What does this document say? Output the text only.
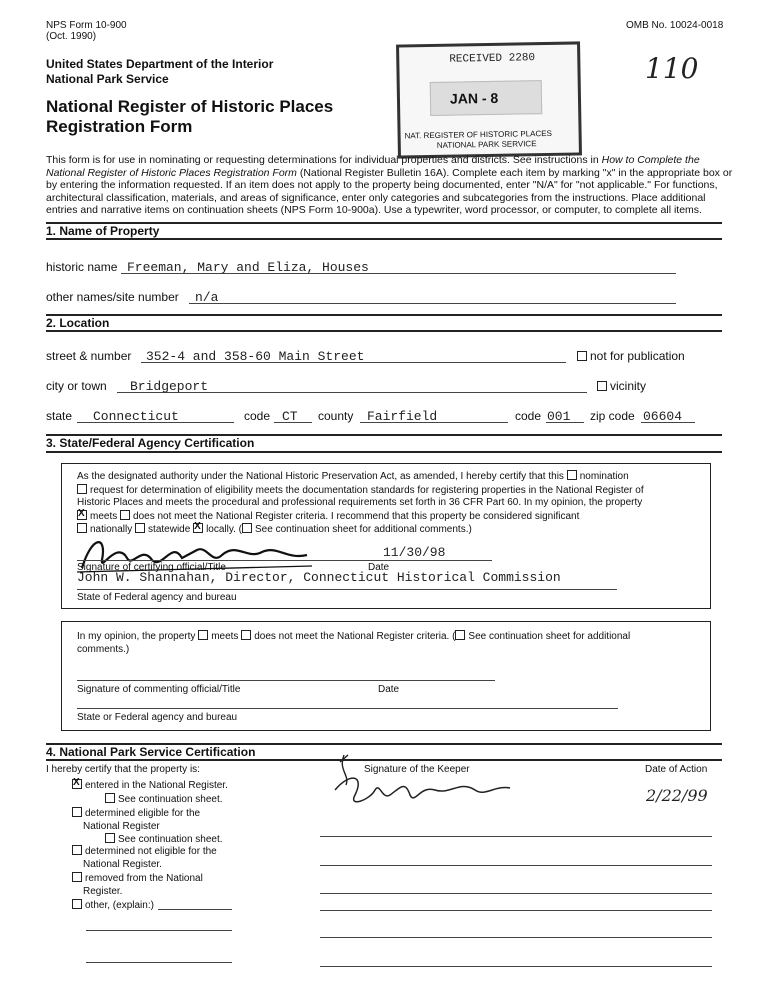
NPS Form 10-900
(Oct. 1990)
OMB No. 10024-0018
United States Department of the Interior
National Park Service
National Register of Historic Places
Registration Form
110
RECEIVED 2280
JAN - 8
NAT. REGISTER OF HISTORIC PLACES
NATIONAL PARK SERVICE
This form is for use in nominating or requesting determinations for individual properties and districts. See instructions in How to Complete the
National Register of Historic Places Registration Form (National Register Bulletin 16A). Complete each item by marking "x" in the appropriate box or
by entering the information requested. If an item does not apply to the property being documented, enter "N/A" for "not applicable." For functions,
architectural classification, materials, and areas of significance, enter only categories and subcategories from the instructions. Place additional
entries and narrative items on continuation sheets (NPS Form 10-900a). Use a typewriter, word processor, or computer, to complete all items.
1. Name of Property
historic name Freeman, Mary and Eliza, Houses
other names/site number n/a
2. Location
street & number 352-4 and 358-60 Main Street	not for publication
city or town Bridgeport	vicinity
state Connecticut	code CT county Fairfield	code 001 zip code 06604
3. State/Federal Agency Certification
As the designated authority under the National Historic Preservation Act, as amended, I hereby certify that this nomination
request for determination of eligibility meets the documentation standards for registering properties in the National Register of
Historic Places and meets the procedural and professional requirements set forth in 36 CFR Part 60. In my opinion, the property
Xmeets does not meet the National Register criteria. I recommend that this property be considered significant
nationally statewide X locally. ( See continuation sheet for additional comments.)
11/30/98
Signature of certifying official/Title	Date
John W. Shannahan, Director, Connecticut Historical Commission
State of Federal agency and bureau
In my opinion, the property meets does not meet the National Register criteria. ( See continuation sheet for additional
comments.)
Signature of commenting official/Title	Date
State or Federal agency and bureau
4. National Park Service Certification
I hereby certify that the property is:	Signature of the Keeper	Date of Action
2/22/99
Xentered in the National Register.
See continuation sheet.
determined eligible for the
National Register
See continuation sheet.
determined not eligible for the
National Register.
removed from the National
Register.
other, (explain:)
